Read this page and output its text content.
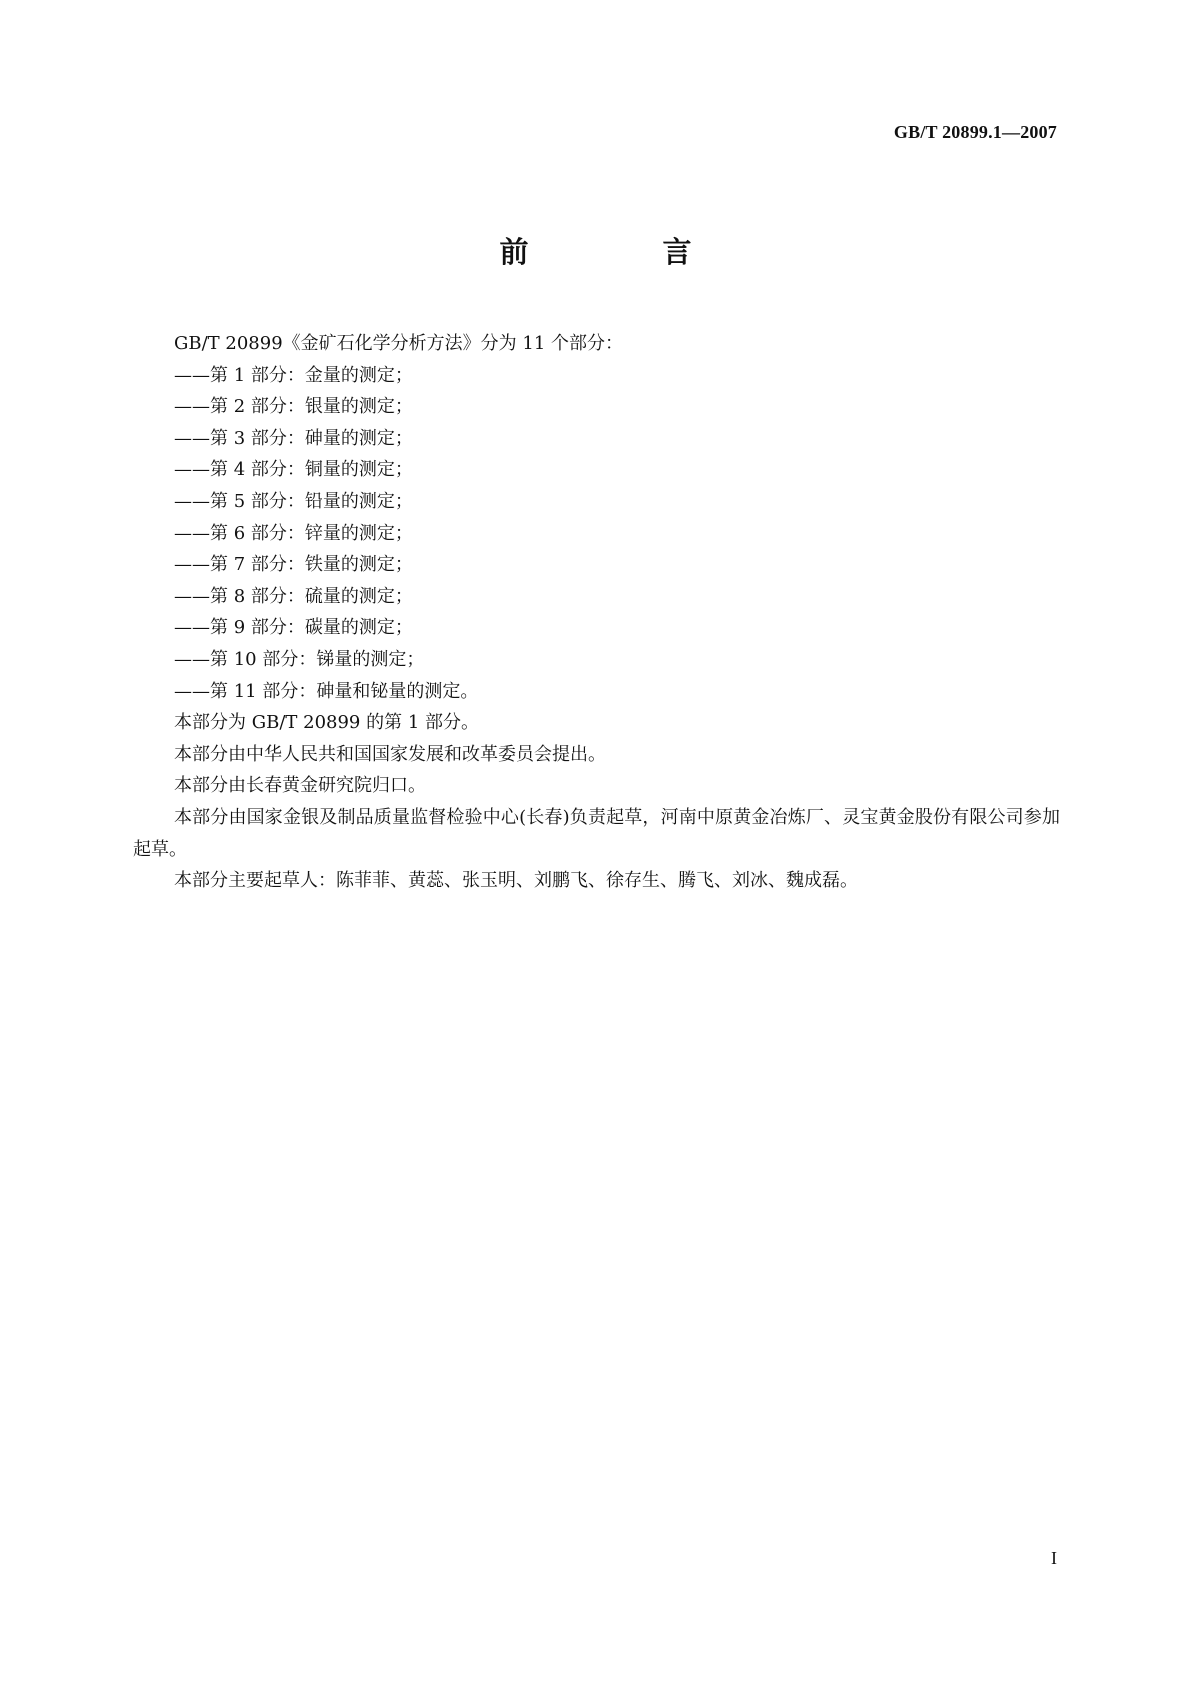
GB/T 20899.1—2007
前 言

GB/T 20899《金矿石化学分析方法》分为 11 个部分：

——第 1 部分：金量的测定；

——第 2 部分：银量的测定；

——第 3 部分：砷量的测定；

——第 4 部分：铜量的测定；

——第 5 部分：铅量的测定；

——第 6 部分：锌量的测定；

——第 7 部分：铁量的测定；

——第 8 部分：硫量的测定；

——第 9 部分：碳量的测定；

——第 10 部分：锑量的测定；

——第 11 部分：砷量和铋量的测定。

本部分为 GB/T 20899 的第 1 部分。

本部分由中华人民共和国国家发展和改革委员会提出。

本部分由长春黄金研究院归口。

本部分由国家金银及制品质量监督检验中心(长春)负责起草，河南中原黄金冶炼厂、灵宝黄金股份有限公司参加起草。

本部分主要起草人：陈菲菲、黄蕊、张玉明、刘鹏飞、徐存生、腾飞、刘冰、魏成磊。

I
